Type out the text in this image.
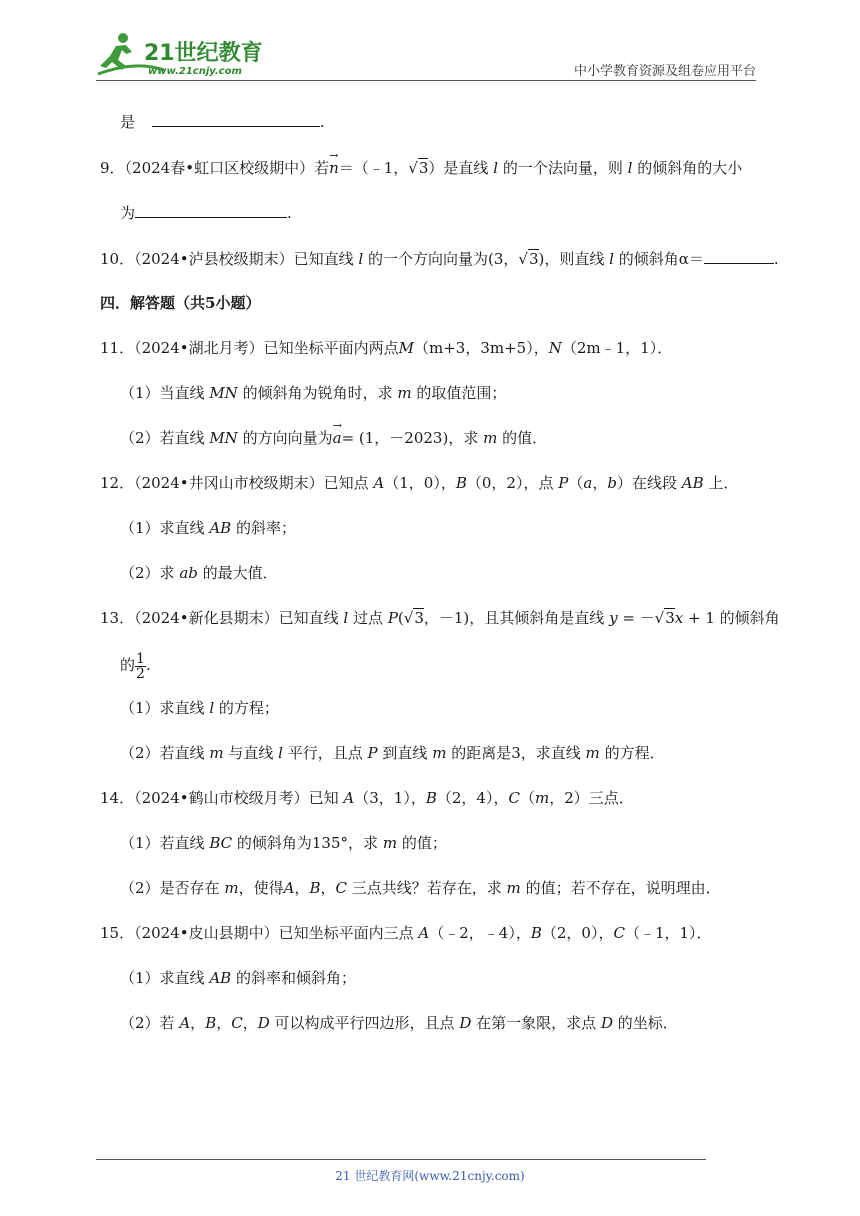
21世纪教育
www.21cnjy.com	中小学教育资源及组卷应用平台
是	.
9．（2024春•虹口区校级期中）若→ n＝（﹣1，√3）是直线 l 的一个法向量，则 l 的倾斜角的大小
为	.
10．（2024•泸县校级期末）已知直线 l 的一个方向向量为(3，√3)，则直线 l 的倾斜角α＝	.
四．解答题（共5小题）
11．（2024•湖北月考）已知坐标平面内两点M（m+3，3m+5），N（2m﹣1，1）．
（1）当直线 MN 的倾斜角为锐角时，求 m 的取值范围；
（2）若直线 MN 的方向向量为→ a= (1，－2023)，求 m 的值．
12．（2024•井冈山市校级期末）已知点 A（1，0），B（0，2），点 P（a，b）在线段 AB 上．
（1）求直线 AB 的斜率；
（2）求 ab 的最大值．
13．（2024•新化县期末）已知直线 l 过点 P(√3，－1)，且其倾斜角是直线 y = －√3x + 1 的倾斜角
的 $\frac{1}{2}$ .
（1）求直线 l 的方程；
（2）若直线 m 与直线 l 平行，且点 P 到直线 m 的距离是3，求直线 m 的方程．
14．（2024•鹤山市校级月考）已知 A（3，1），B（2，4），C（m，2）三点．
（1）若直线 BC 的倾斜角为135°，求 m 的值；
（2）是否存在 m，使得A，B，C 三点共线？若存在，求 m 的值；若不存在，说明理由．
15．（2024•皮山县期中）已知坐标平面内三点 A（﹣2，﹣4），B（2，0），C（﹣1，1）．
（1）求直线 AB 的斜率和倾斜角；
（2）若 A，B，C，D 可以构成平行四边形，且点 D 在第一象限，求点 D 的坐标．
21 世纪教育网(www.21cnjy.com)
